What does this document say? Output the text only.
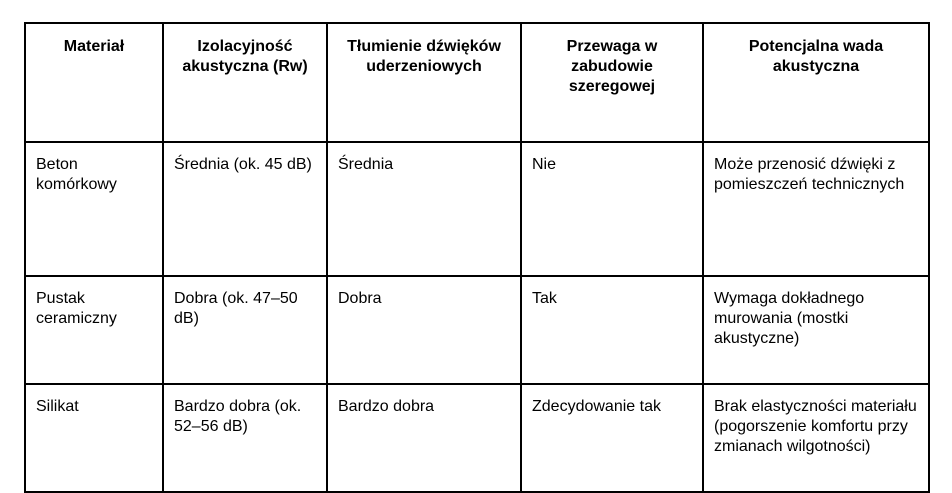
Materiał	Izolacyjność akustyczna (Rw)	Tłumienie dźwięków uderzeniowych	Przewaga w zabudowie szeregowej	Potencjalna wada akustyczna
Beton komórkowy	Średnia (ok. 45 dB)	Średnia	Nie	Może przenosić dźwięki z pomieszczeń technicznych
Pustak ceramiczny	Dobra (ok. 47–50 dB)	Dobra	Tak	Wymaga dokładnego murowania (mostki akustyczne)
Silikat	Bardzo dobra (ok. 52–56 dB)	Bardzo dobra	Zdecydowanie tak	Brak elastyczności materiału (pogorszenie komfortu przy zmianach wilgotności)
